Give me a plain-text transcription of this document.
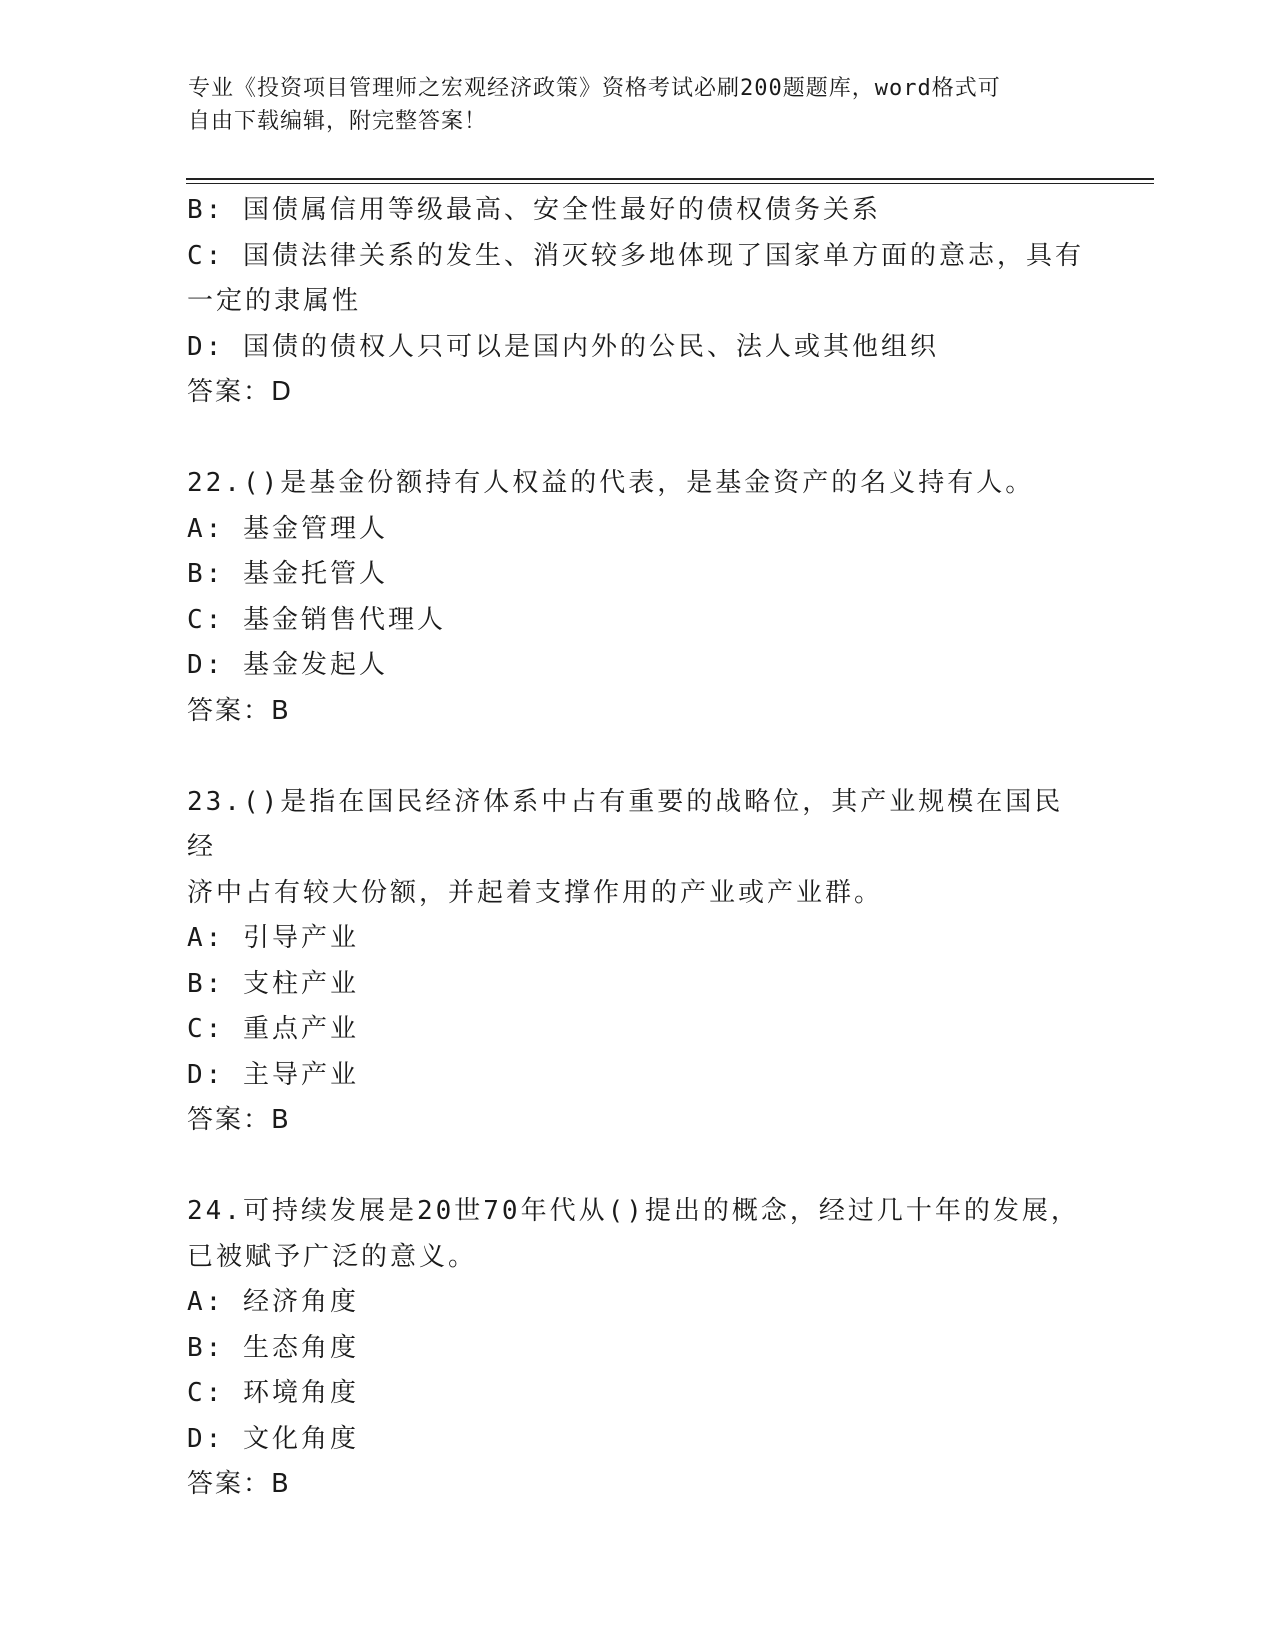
专业《投资项目管理师之宏观经济政策》资格考试必刷200题题库，word格式可
自由下载编辑，附完整答案！
B: 国债属信用等级最高、安全性最好的债权债务关系
C: 国债法律关系的发生、消灭较多地体现了国家单方面的意志，具有
一定的隶属性
D: 国债的债权人只可以是国内外的公民、法人或其他组织
答案：D
22.()是基金份额持有人权益的代表，是基金资产的名义持有人。
A: 基金管理人
B: 基金托管人
C: 基金销售代理人
D: 基金发起人
答案：B
23.()是指在国民经济体系中占有重要的战略位，其产业规模在国民经
济中占有较大份额，并起着支撑作用的产业或产业群。
A: 引导产业
B: 支柱产业
C: 重点产业
D: 主导产业
答案：B
24.可持续发展是20世70年代从()提出的概念，经过几十年的发展，
已被赋予广泛的意义。
A: 经济角度
B: 生态角度
C: 环境角度
D: 文化角度
答案：B
